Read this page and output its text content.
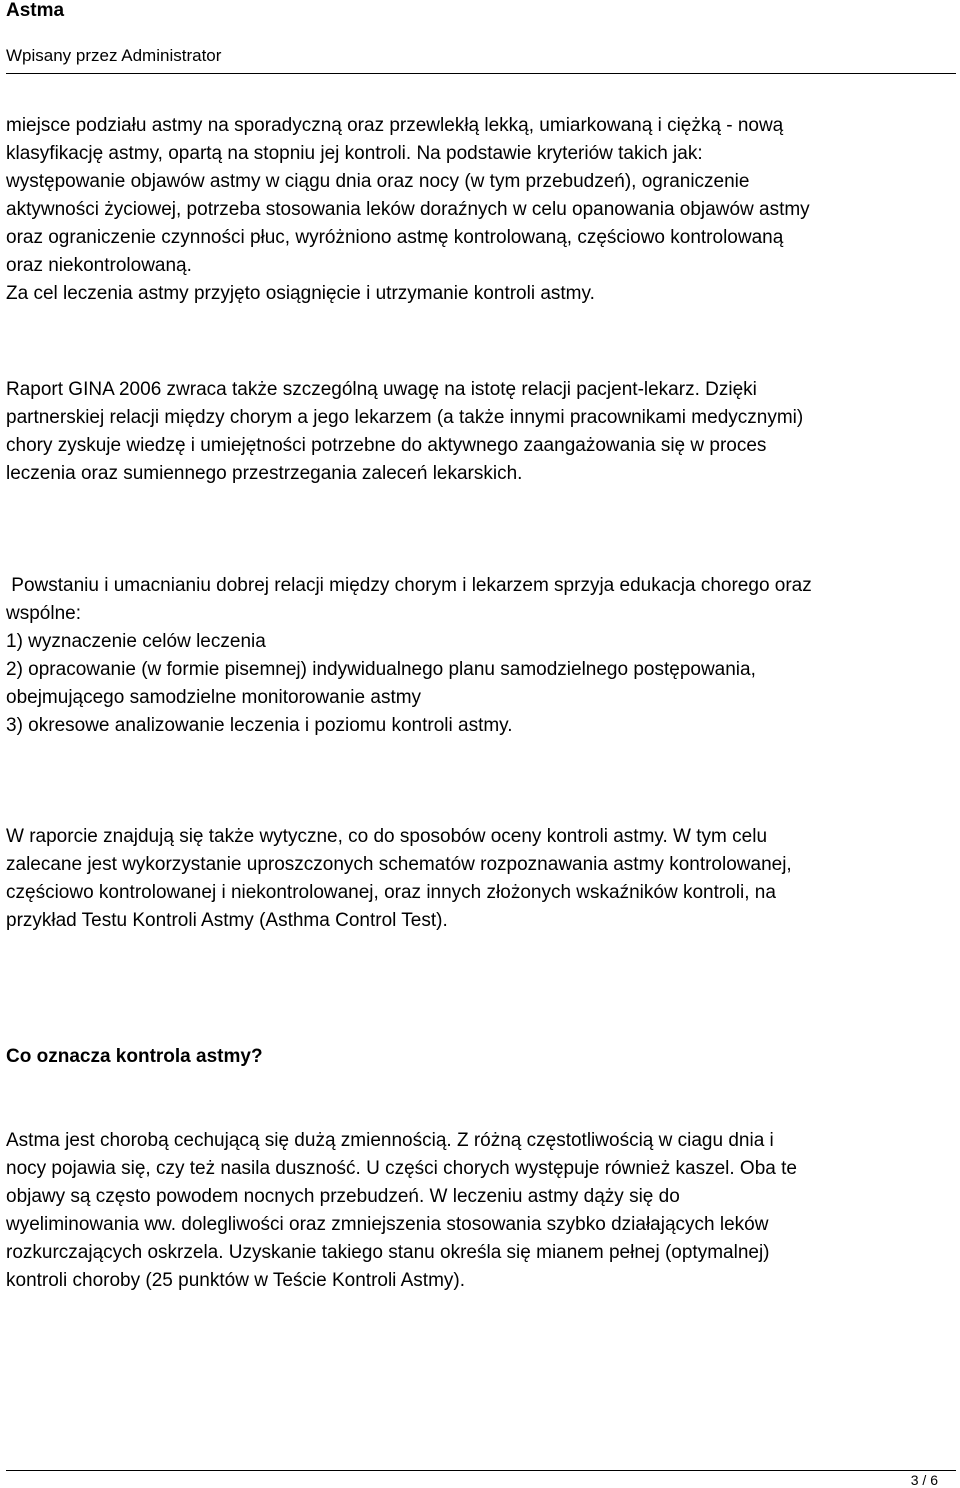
Astma
Wpisany przez Administrator
miejsce podziału astmy na sporadyczną oraz przewlekłą lekką, umiarkowaną i ciężką - nową
klasyfikację astmy, opartą na stopniu jej kontroli. Na podstawie kryteriów takich jak:
występowanie objawów astmy w ciągu dnia oraz nocy (w tym przebudzeń), ograniczenie
aktywności życiowej, potrzeba stosowania leków doraźnych w celu opanowania objawów astmy
oraz ograniczenie czynności płuc, wyróżniono astmę kontrolowaną, częściowo kontrolowaną
oraz niekontrolowaną.
Za cel leczenia astmy przyjęto osiągnięcie i utrzymanie kontroli astmy.
Raport GINA 2006 zwraca także szczególną uwagę na istotę relacji pacjent-lekarz. Dzięki
partnerskiej relacji między chorym a jego lekarzem (a także innymi pracownikami medycznymi)
chory zyskuje wiedzę i umiejętności potrzebne do aktywnego zaangażowania się w proces
leczenia oraz sumiennego przestrzegania zaleceń lekarskich.
Powstaniu i umacnianiu dobrej relacji między chorym i lekarzem sprzyja edukacja chorego oraz
wspólne:
1) wyznaczenie celów leczenia
2) opracowanie (w formie pisemnej) indywidualnego planu samodzielnego postępowania,
obejmującego samodzielne monitorowanie astmy
3) okresowe analizowanie leczenia i poziomu kontroli astmy.
W raporcie znajdują się także wytyczne, co do sposobów oceny kontroli astmy. W tym celu
zalecane jest wykorzystanie uproszczonych schematów rozpoznawania astmy kontrolowanej,
częściowo kontrolowanej i niekontrolowanej, oraz innych złożonych wskaźników kontroli, na
przykład Testu Kontroli Astmy (Asthma Control Test).
Co oznacza kontrola astmy?
Astma jest chorobą cechującą się dużą zmiennością. Z różną częstotliwością w ciagu dnia i
nocy pojawia się, czy też nasila duszność. U części chorych występuje również kaszel. Oba te
objawy są często powodem nocnych przebudzeń. W leczeniu astmy dąży się do
wyeliminowania ww. dolegliwości oraz zmniejszenia stosowania szybko działających leków
rozkurczających oskrzela. Uzyskanie takiego stanu określa się mianem pełnej (optymalnej)
kontroli choroby (25 punktów w Teście Kontroli Astmy).
3 / 6
